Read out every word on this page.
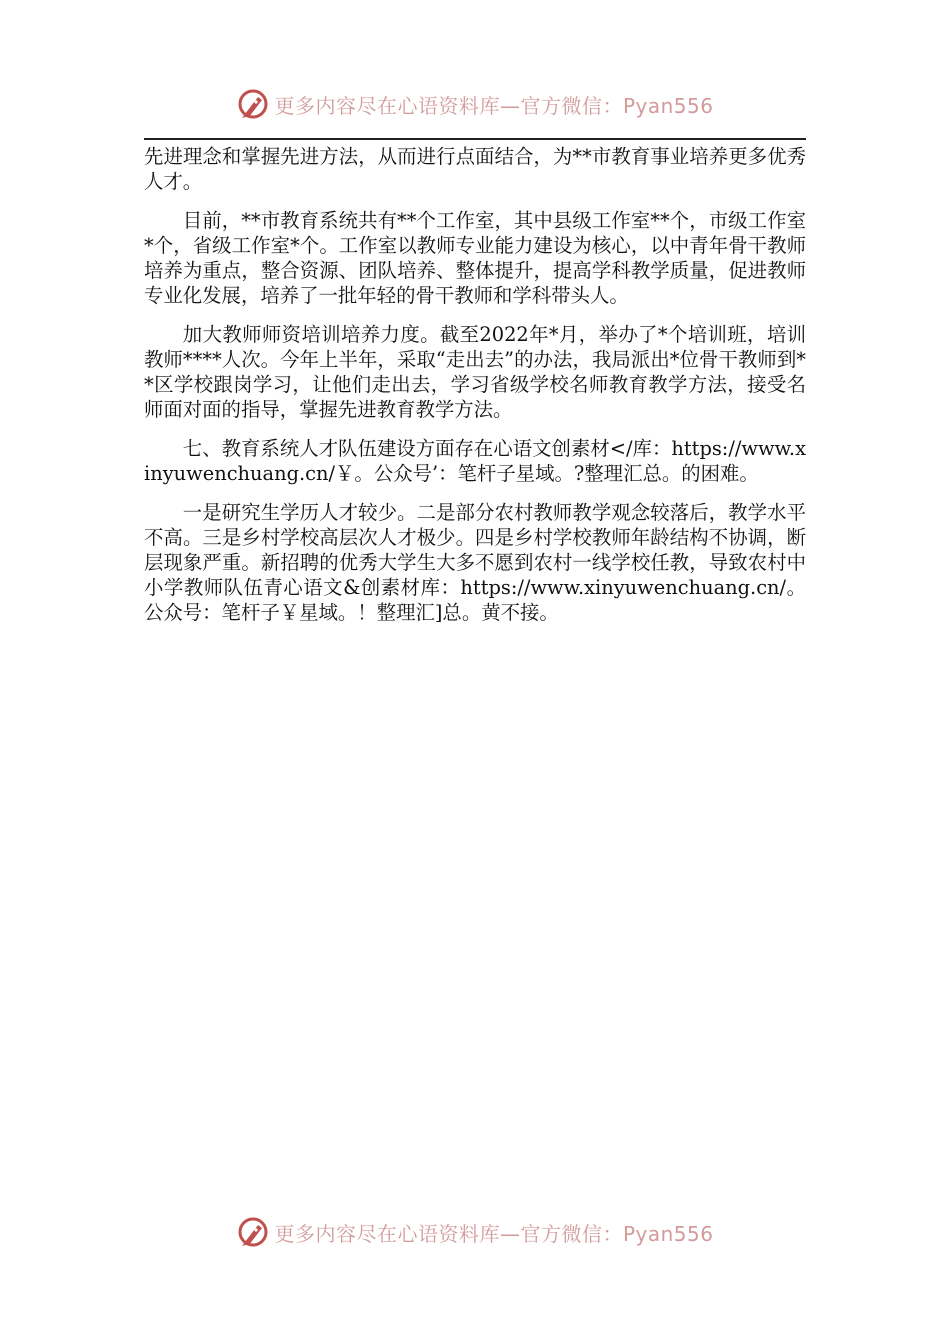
更多内容尽在心语资料库—官方微信：Pyan556

先进理念和掌握先进方法，从而进行点面结合，为**市教育事业培养更多优秀人才。

目前，**市教育系统共有**个工作室，其中县级工作室**个，市级工作室*个，省级工作室*个。工作室以教师专业能力建设为核心，以中青年骨干教师培养为重点，整合资源、团队培养、整体提升，提高学科教学质量，促进教师专业化发展，培养了一批年轻的骨干教师和学科带头人。

加大教师师资培训培养力度。截至2022年*月，举办了*个培训班，培训教师****人次。今年上半年，采取“走出去”的办法，我局派出*位骨干教师到**区学校跟岗学习，让他们走出去，学习省级学校名师教育教学方法，接受名师面对面的指导，掌握先进教育教学方法。

七、教育系统人才队伍建设方面存在心语文创素材</库：https://www.xinyuwenchuang.cn/￥。公众号’：笔杆子星域。?整理汇总。的困难。

一是研究生学历人才较少。二是部分农村教师教学观念较落后，教学水平不高。三是乡村学校高层次人才极少。四是乡村学校教师年龄结构不协调，断层现象严重。新招聘的优秀大学生大多不愿到农村一线学校任教，导致农村中小学教师队伍青心语文&创素材库：https://www.xinyuwenchuang.cn/。公众号：笔杆子￥星域。！整理汇]总。黄不接。

更多内容尽在心语资料库—官方微信：Pyan556
